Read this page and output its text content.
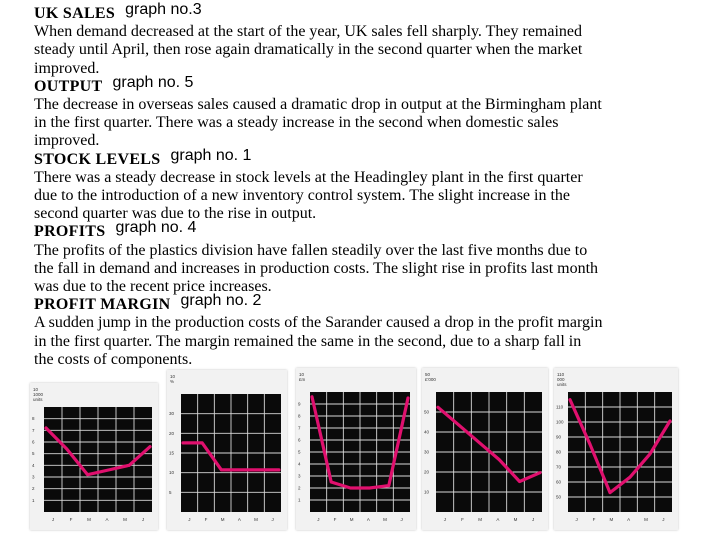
UK SALES graph no.3
When demand decreased at the start of the year, UK sales fell sharply. They remained
steady until April, then rose again dramatically in the second quarter when the market
improved.
OUTPUT graph no. 5
The decrease in overseas sales caused a dramatic drop in output at the Birmingham plant
in the first quarter. There was a steady increase in the second when domestic sales
improved.
STOCK LEVELS graph no. 1
There was a steady decrease in stock levels at the Headingley plant in the first quarter
due to the introduction of a new inventory control system. The slight increase in the
second quarter was due to the rise in output.
PROFITS graph no. 4
The profits of the plastics division have fallen steadily over the last five months due to
the fall in demand and increases in production costs. The slight rise in profits last month
was due to the recent price increases.
PROFIT MARGIN graph no. 2
A sudden jump in the production costs of the Sarander caused a drop in the profit margin
in the first quarter. The margin remained the same in the second, due to a sharp fall in
the costs of components.
10
1000
units
8
7
6
5
4
3
2
1
J	F	M	A	M	J
10
%
30
20
15
10
5
J	F	M	A	M	J
10
£m
9
8
7
6
5
4
3
2
1
J	F	M	A	M	J
50
£'000
50
40
30
20
10
J	F	M	A	M	J
110
000
units
110
100
90
80
70
60
50
J	F	M	A	M	J
